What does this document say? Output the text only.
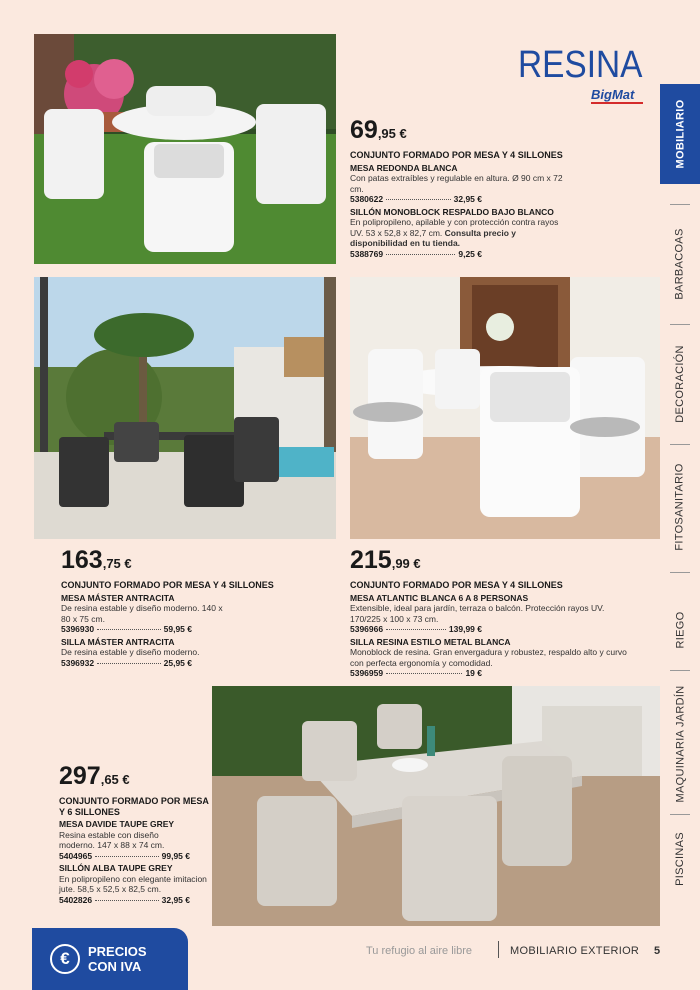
RESINA
BigMat
MOBILIARIO
BARBACOAS
DECORACIÓN
FITOSANITARIO
RIEGO
MAQUINARIA JARDÍN
PISCINAS
69,95 €
CONJUNTO FORMADO POR MESA Y 4 SILLONES
MESA REDONDA BLANCA
Con patas extraíbles y regulable en altura. Ø 90 cm x 72 cm.
5380622	32,95 €
SILLÓN MONOBLOCK RESPALDO BAJO BLANCO
En polipropileno, apilable y con protección contra rayos UV. 53 x 52,8 x 82,7 cm. Consulta precio y disponibilidad en tu tienda.
5388769	9,25 €
163,75 €
CONJUNTO FORMADO POR MESA Y 4 SILLONES
MESA MÁSTER ANTRACITA
De resina estable y diseño moderno. 140 x 80 x 75 cm.
5396930	59,95 €
SILLA MÁSTER ANTRACITA
De resina estable y diseño moderno.
5396932	25,95 €
215,99 €
CONJUNTO FORMADO POR MESA Y 4 SILLONES
MESA ATLANTIC BLANCA 6 A 8 PERSONAS
Extensible, ideal para jardín, terraza o balcón. Protección rayos UV. 170/225 x 100 x 73 cm.
5396966	139,99 €
SILLA RESINA ESTILO METAL BLANCA
Monoblock de resina. Gran envergadura y robustez, respaldo alto y curvo con perfecta ergonomía y comodidad.
5396959	19 €
297,65 €
CONJUNTO FORMADO POR MESA Y 6 SILLONES
MESA DAVIDE TAUPE GREY
Resina estable con diseño moderno. 147 x 88 x 74 cm.
5404965	99,95 €
SILLÓN ALBA TAUPE GREY
En polipropileno con elegante imitacion jute. 58,5 x 52,5 x 82,5 cm.
5402826	32,95 €
€	PRECIOS
CON IVA
Tu refugio al aire libre	MOBILIARIO EXTERIOR 5
